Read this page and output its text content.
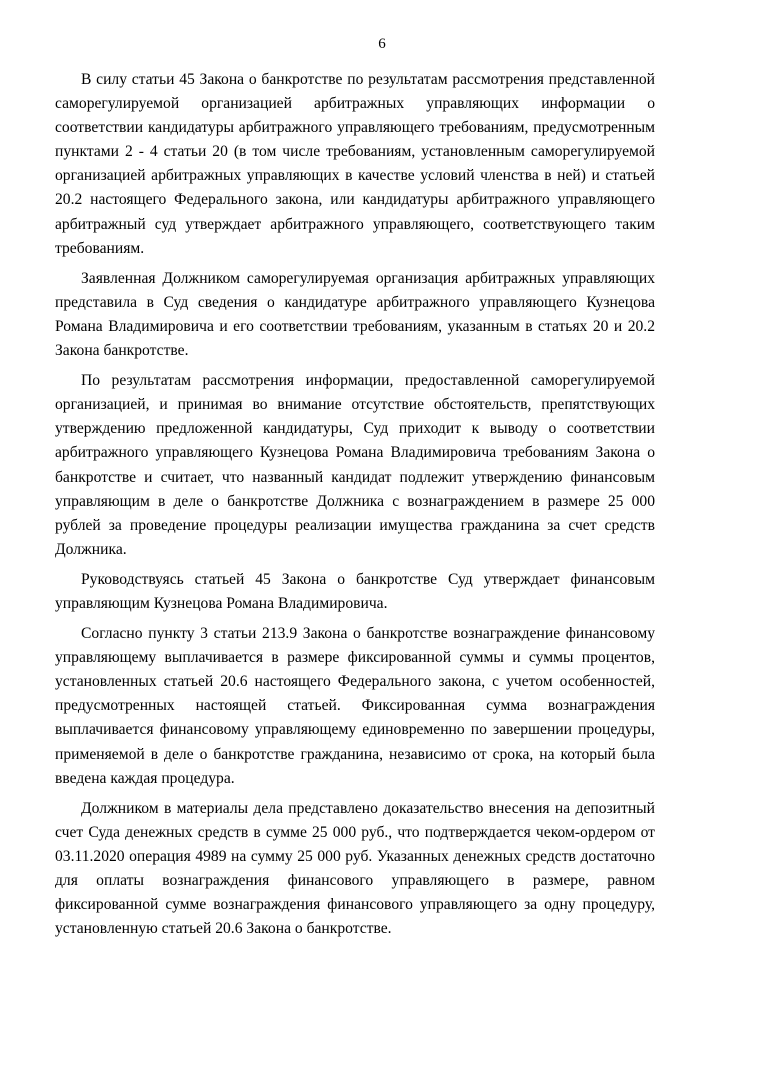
6

В силу статьи 45 Закона о банкротстве по результатам рассмотрения представленной саморегулируемой организацией арбитражных управляющих информации о соответствии кандидатуры арбитражного управляющего требованиям, предусмотренным пунктами 2 - 4 статьи 20 (в том числе требованиям, установленным саморегулируемой организацией арбитражных управляющих в качестве условий членства в ней) и статьей 20.2 настоящего Федерального закона, или кандидатуры арбитражного управляющего арбитражный суд утверждает арбитражного управляющего, соответствующего таким требованиям.

Заявленная Должником саморегулируемая организация арбитражных управляющих представила в Суд сведения о кандидатуре арбитражного управляющего Кузнецова Романа Владимировича и его соответствии требованиям, указанным в статьях 20 и 20.2 Закона банкротстве.

По результатам рассмотрения информации, предоставленной саморегулируемой организацией, и принимая во внимание отсутствие обстоятельств, препятствующих утверждению предложенной кандидатуры, Суд приходит к выводу о соответствии арбитражного управляющего Кузнецова Романа Владимировича требованиям Закона о банкротстве и считает, что названный кандидат подлежит утверждению финансовым управляющим в деле о банкротстве Должника с вознаграждением в размере 25 000 рублей за проведение процедуры реализации имущества гражданина за счет средств Должника.

Руководствуясь статьей 45 Закона о банкротстве Суд утверждает финансовым управляющим Кузнецова Романа Владимировича.

Согласно пункту 3 статьи 213.9 Закона о банкротстве вознаграждение финансовому управляющему выплачивается в размере фиксированной суммы и суммы процентов, установленных статьей 20.6 настоящего Федерального закона, с учетом особенностей, предусмотренных настоящей статьей. Фиксированная сумма вознаграждения выплачивается финансовому управляющему единовременно по завершении процедуры, применяемой в деле о банкротстве гражданина, независимо от срока, на который была введена каждая процедура.

Должником в материалы дела представлено доказательство внесения на депозитный счет Суда денежных средств в сумме 25 000 руб., что подтверждается чеком-ордером от 03.11.2020 операция 4989 на сумму 25 000 руб. Указанных денежных средств достаточно для оплаты вознаграждения финансового управляющего в размере, равном фиксированной сумме вознаграждения финансового управляющего за одну процедуру, установленную статьей 20.6 Закона о банкротстве.
